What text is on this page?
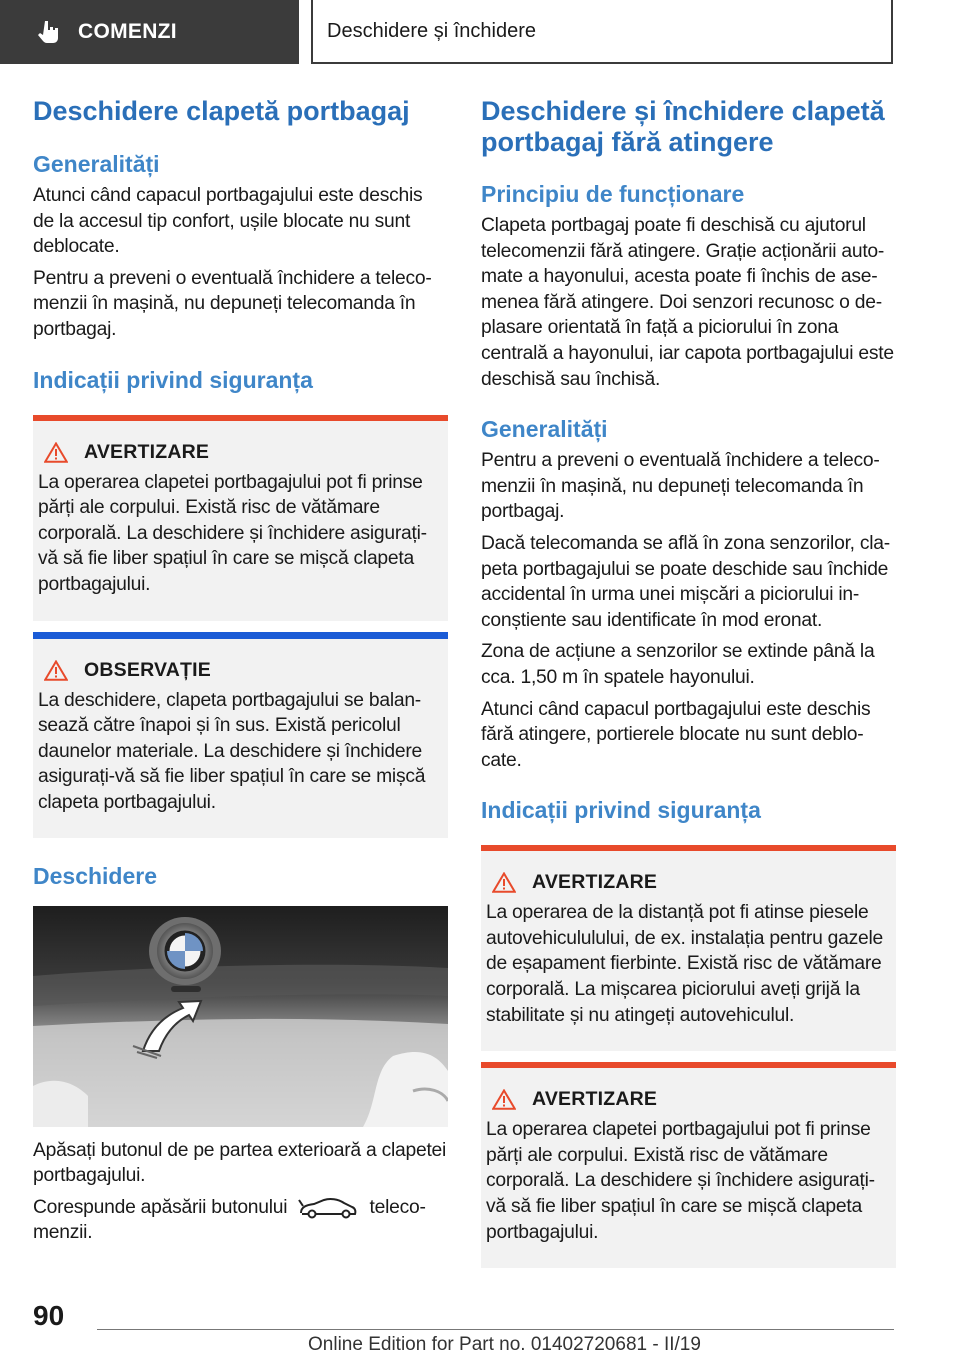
COMENZI	Deschidere și închidere
Deschidere clapetă portbagaj
Generalități

Atunci când capacul portbagajului este deschis de la accesul tip confort, ușile blocate nu sunt deblocate.

Pentru a preveni o eventuală închidere a telecomenzii în mașină, nu depuneți telecomanda în portbagaj.

Indicații privind siguranța
AVERTIZARE

La operarea clapetei portbagajului pot fi prinse părți ale corpului. Există risc de vătămare corporală. La deschidere și închidere asigurați-vă să fie liber spațiul în care se mișcă clapeta portbagajului.

OBSERVAȚIE

La deschidere, clapeta portbagajului se balansează către înapoi și în sus. Există pericolul daunelor materiale. La deschidere și închidere asigurați-vă să fie liber spațiul în care se mișcă clapeta portbagajului.

Deschidere

Apăsați butonul de pe partea exterioară a clapetei portbagajului.

Corespunde apăsării butonului	telecomenzii.

Deschidere și închidere clapetă portbagaj fără atingere
Principiu de funcționare

Clapeta portbagaj poate fi deschisă cu ajutorul telecomenzii fără atingere. Grație acționării automate a hayonului, acesta poate fi închis de asemenea fără atingere. Doi senzori recunosc o deplasare orientată în față a piciorului în zona centrală a hayonului, iar capota portbagajului este deschisă sau închisă.

Generalități

Pentru a preveni o eventuală închidere a telecomenzii în mașină, nu depuneți telecomanda în portbagaj.

Dacă telecomanda se află în zona senzorilor, clapeta portbagajului se poate deschide sau închide accidental în urma unei mișcări a piciorului inconștiente sau identificate în mod eronat.

Zona de acțiune a senzorilor se extinde până la cca. 1,50 m în spatele hayonului.

Atunci când capacul portbagajului este deschis fără atingere, portierele blocate nu sunt deblocate.

Indicații privind siguranța
AVERTIZARE

La operarea de la distanță pot fi atinse piesele autovehicululului, de ex. instalația pentru gazele de eșapament fierbinte. Există risc de vătămare corporală. La mișcarea piciorului aveți grijă la stabilitate și nu atingeți autovehiculul.

AVERTIZARE

La operarea clapetei portbagajului pot fi prinse părți ale corpului. Există risc de vătămare corporală. La deschidere și închidere asigurați-vă să fie liber spațiul în care se mișcă clapeta portbagajului.

90
Online Edition for Part no. 01402720681 - II/19
